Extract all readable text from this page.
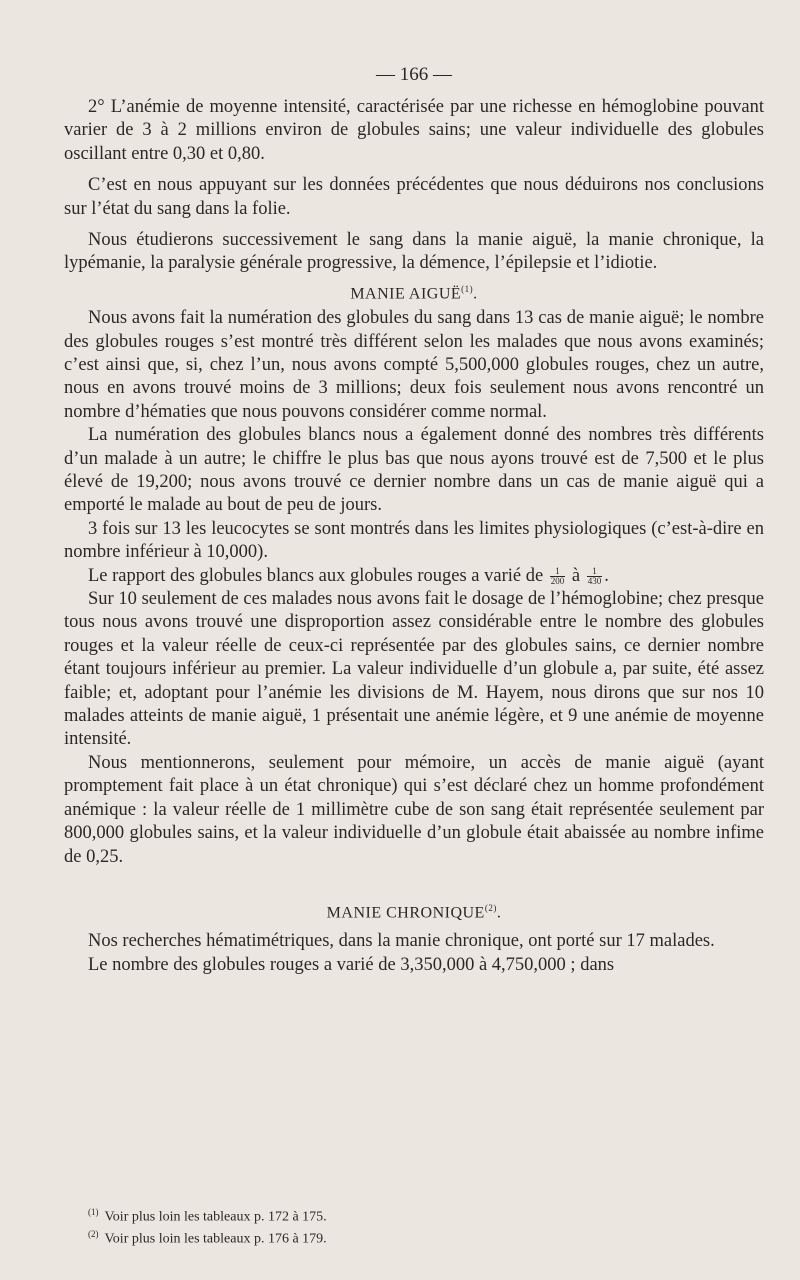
— 166 —

2° L’anémie de moyenne intensité, caractérisée par une richesse en hémoglobine pouvant varier de 3 à 2 millions environ de globules sains; une valeur individuelle des globules oscillant entre 0,30 et 0,80.

C’est en nous appuyant sur les données précédentes que nous déduirons nos conclusions sur l’état du sang dans la folie.

Nous étudierons successivement le sang dans la manie aiguë, la manie chronique, la lypémanie, la paralysie générale progressive, la démence, l’épilepsie et l’idiotie.

MANIE AIGUË$^{(1)}$.

Nous avons fait la numération des globules du sang dans 13 cas de manie aiguë; le nombre des globules rouges s’est montré très différent selon les malades que nous avons examinés; c’est ainsi que, si, chez l’un, nous avons compté 5,500,000 globules rouges, chez un autre, nous en avons trouvé moins de 3 millions; deux fois seulement nous avons rencontré un nombre d’hématies que nous pouvons considérer comme normal.

La numération des globules blancs nous a également donné des nombres très différents d’un malade à un autre; le chiffre le plus bas que nous ayons trouvé est de 7,500 et le plus élevé de 19,200; nous avons trouvé ce dernier nombre dans un cas de manie aiguë qui a emporté le malade au bout de peu de jours.

3 fois sur 13 les leucocytes se sont montrés dans les limites physiologiques (c’est-à-dire en nombre inférieur à 10,000).

Le rapport des globules blancs aux globules rouges a varié de $\frac{1}{200}$ à $\frac{1}{430}$ .

Sur 10 seulement de ces malades nous avons fait le dosage de l’hémoglobine; chez presque tous nous avons trouvé une disproportion assez considérable entre le nombre des globules rouges et la valeur réelle de ceux-ci représentée par des globules sains, ce dernier nombre étant toujours inférieur au premier. La valeur individuelle d’un globule a, par suite, été assez faible; et, adoptant pour l’anémie les divisions de M. Hayem, nous dirons que sur nos 10 malades atteints de manie aiguë, 1 présentait une anémie légère, et 9 une anémie de moyenne intensité.

Nous mentionnerons, seulement pour mémoire, un accès de manie aiguë (ayant promptement fait place à un état chronique) qui s’est déclaré chez un homme profondément anémique : la valeur réelle de 1 millimètre cube de son sang était représentée seulement par 800,000 globules sains, et la valeur individuelle d’un globule était abaissée au nombre infime de 0,25.

MANIE CHRONIQUE$^{(2)}$.

Nos recherches hématimétriques, dans la manie chronique, ont porté sur 17 malades.

Le nombre des globules rouges a varié de 3,350,000 à 4,750,000 ; dans

$^{(1)}$ Voir plus loin les tableaux p. 172 à 175.

$^{(2)}$ Voir plus loin les tableaux p. 176 à 179.
